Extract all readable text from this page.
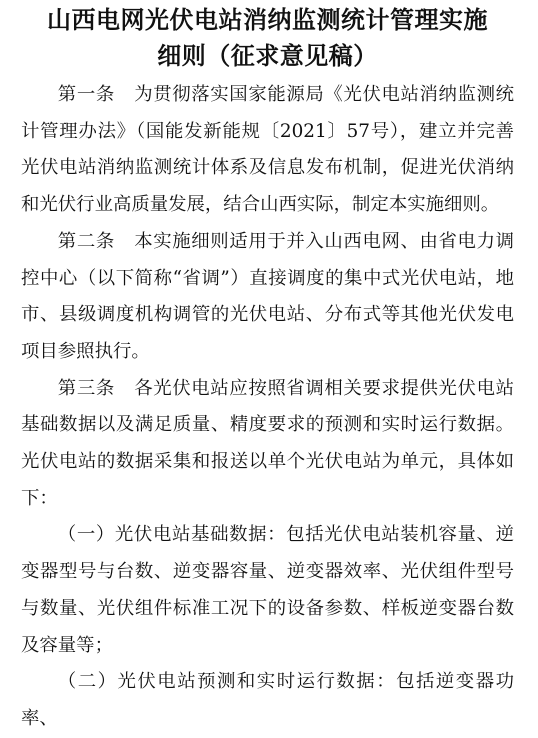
山西电网光伏电站消纳监测统计管理实施
细则（征求意见稿）

第一条 为贯彻落实国家能源局《光伏电站消纳监测统计管理办法》（国能发新能规〔2021〕57号），建立并完善光伏电站消纳监测统计体系及信息发布机制，促进光伏消纳和光伏行业高质量发展，结合山西实际，制定本实施细则。

第二条 本实施细则适用于并入山西电网、由省电力调控中心（以下简称“省调”）直接调度的集中式光伏电站，地市、县级调度机构调管的光伏电站、分布式等其他光伏发电项目参照执行。

第三条 各光伏电站应按照省调相关要求提供光伏电站基础数据以及满足质量、精度要求的预测和实时运行数据。光伏电站的数据采集和报送以单个光伏电站为单元，具体如下：

（一）光伏电站基础数据：包括光伏电站装机容量、逆变器型号与台数、逆变器容量、逆变器效率、光伏组件型号与数量、光伏组件标准工况下的设备参数、样板逆变器台数及容量等；

（二）光伏电站预测和实时运行数据：包括逆变器功率、
